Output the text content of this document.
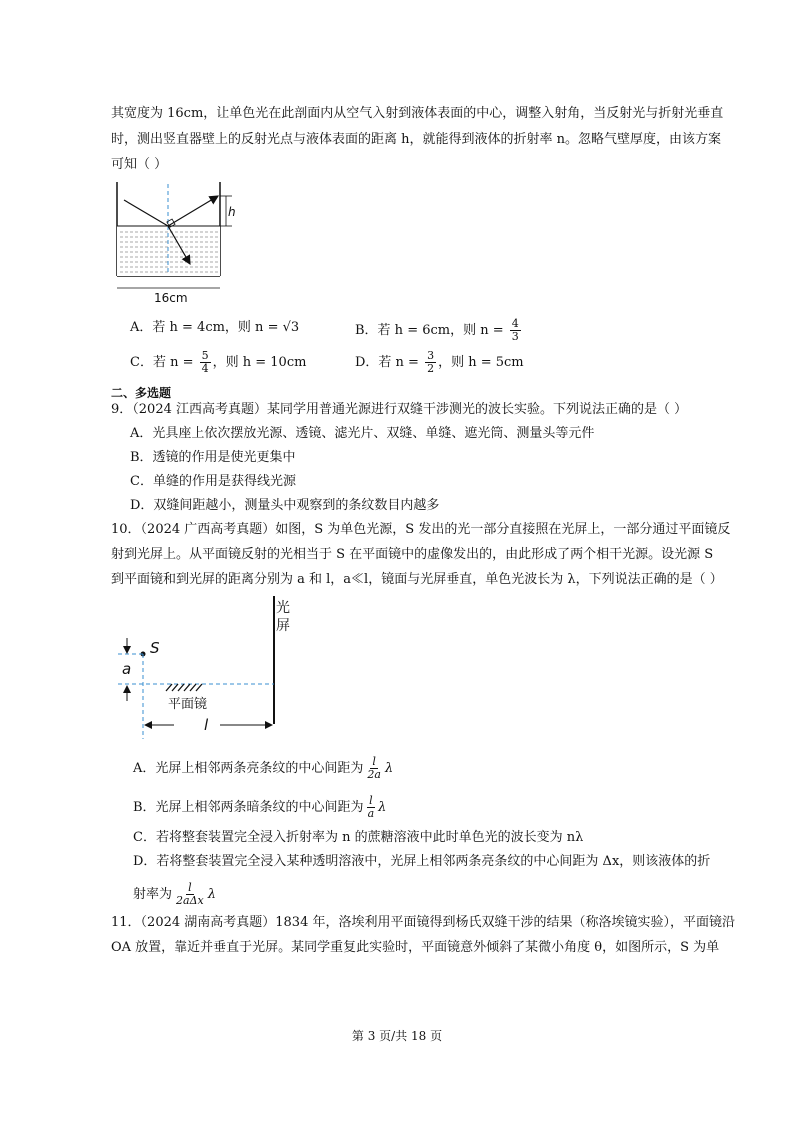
其宽度为 16cm，让单色光在此剖面内从空气入射到液体表面的中心，调整入射角，当反射光与折射光垂直
时，测出竖直器壁上的反射光点与液体表面的距离 h，就能得到液体的折射率 n。忽略气壁厚度，由该方案
可知（ ）
h
16cm
A．若 h = 4cm，则 n = √3	B．若 h = 6cm，则 $n = \frac{4}{3}$
C．若 $n = \frac{5}{4}$ ，则 h = 10cm	D．若 $n = \frac{3}{2}$ ，则 h = 5cm
二、多选题
9．（2024 江西高考真题）某同学用普通光源进行双缝干涉测光的波长实验。下列说法正确的是（ ）
A．光具座上依次摆放光源、透镜、滤光片、双缝、单缝、遮光筒、测量头等元件
B．透镜的作用是使光更集中
C．单缝的作用是获得线光源
D．双缝间距越小，测量头中观察到的条纹数目内越多
10．（2024 广西高考真题）如图，S 为单色光源，S 发出的光一部分直接照在光屏上，一部分通过平面镜反
射到光屏上。从平面镜反射的光相当于 S 在平面镜中的虚像发出的，由此形成了两个相干光源。设光源 S
到平面镜和到光屏的距离分别为 a 和 l，a≪l，镜面与光屏垂直，单色光波长为 λ，下列说法正确的是（ ）
光
屏
S
a
平面镜
l
A．光屏上相邻两条亮条纹的中心间距为 $\frac{l}{2a}$ λ
B．光屏上相邻两条暗条纹的中心间距为 $\frac{l}{a}$ λ
C．若将整套装置完全浸入折射率为 n 的蔗糖溶液中此时单色光的波长变为 nλ
D．若将整套装置完全浸入某种透明溶液中，光屏上相邻两条亮条纹的中心间距为 Δx，则该液体的折
射率为 $\frac{l}{\text{2aΔx}}$ λ
11．（2024 湖南高考真题）1834 年，洛埃利用平面镜得到杨氏双缝干涉的结果（称洛埃镜实验），平面镜沿
OA 放置，靠近并垂直于光屏。某同学重复此实验时，平面镜意外倾斜了某微小角度 θ，如图所示，S 为单
第 3 页/共 18 页
